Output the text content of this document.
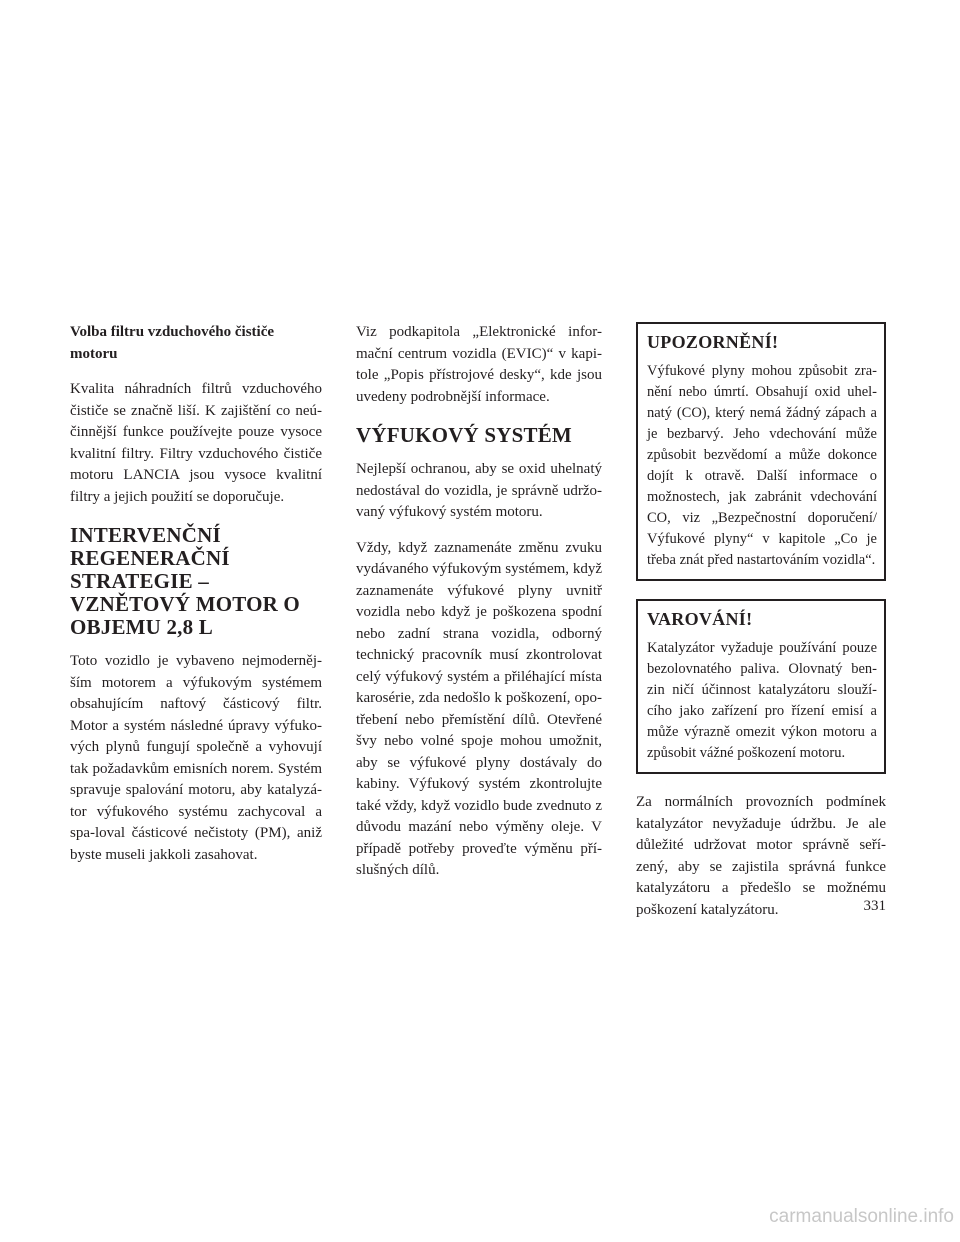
Volba filtru vzduchového čističe motoru

Kvalita náhradních filtrů vzduchového čističe se značně liší. K zajištění co neú-činnější funkce používejte pouze vysoce kvalitní filtry. Filtry vzduchového čističe motoru LANCIA jsou vysoce kvalitní filtry a jejich použití se doporučuje.

INTERVENČNÍ REGENERAČNÍ STRATEGIE – VZNĚTOVÝ MOTOR O OBJEMU 2,8 L

Toto vozidlo je vybaveno nejmoderněj-ším motorem a výfukovým systémem obsahujícím naftový částicový filtr. Motor a systém následné úpravy výfuko-vých plynů fungují společně a vyhovují tak požadavkům emisních norem. Systém spravuje spalování motoru, aby katalyzá-tor výfukového systému zachycoval a spa-loval částicové nečistoty (PM), aniž byste museli jakkoli zasahovat.

Viz podkapitola „Elektronické infor-mační centrum vozidla (EVIC)“ v kapi-tole „Popis přístrojové desky“, kde jsou uvedeny podrobnější informace.

VÝFUKOVÝ SYSTÉM

Nejlepší ochranou, aby se oxid uhelnatý nedostával do vozidla, je správně udržo-vaný výfukový systém motoru.

Vždy, když zaznamenáte změnu zvuku vydávaného výfukovým systémem, když zaznamenáte výfukové plyny uvnitř vozidla nebo když je poškozena spodní nebo zadní strana vozidla, odborný technický pracovník musí zkontrolovat celý výfukový systém a přiléhající místa karosérie, zda nedošlo k poškození, opo-třebení nebo přemístění dílů. Otevřené švy nebo volné spoje mohou umožnit, aby se výfukové plyny dostávaly do kabiny. Výfukový systém zkontrolujte také vždy, když vozidlo bude zvednuto z důvodu mazání nebo výměny oleje. V případě potřeby proveďte výměnu pří-slušných dílů.

UPOZORNĚNÍ!

Výfukové plyny mohou způsobit zra-nění nebo úmrtí. Obsahují oxid uhel-natý (CO), který nemá žádný zápach a je bezbarvý. Jeho vdechování může způsobit bezvědomí a může dokonce dojít k otravě. Další informace o možnostech, jak zabránit vdechování CO, viz „Bezpečnostní doporučení/ Výfukové plyny“ v kapitole „Co je třeba znát před nastartováním vozidla“.

VAROVÁNÍ!

Katalyzátor vyžaduje používání pouze bezolovnatého paliva. Olovnatý ben-zin ničí účinnost katalyzátoru slouží-cího jako zařízení pro řízení emisí a může výrazně omezit výkon motoru a způsobit vážné poškození motoru.

Za normálních provozních podmínek katalyzátor nevyžaduje údržbu. Je ale důležité udržovat motor správně seří-zený, aby se zajistila správná funkce katalyzátoru a předešlo se možnému poškození katalyzátoru.	331
carmanualsonline.info
